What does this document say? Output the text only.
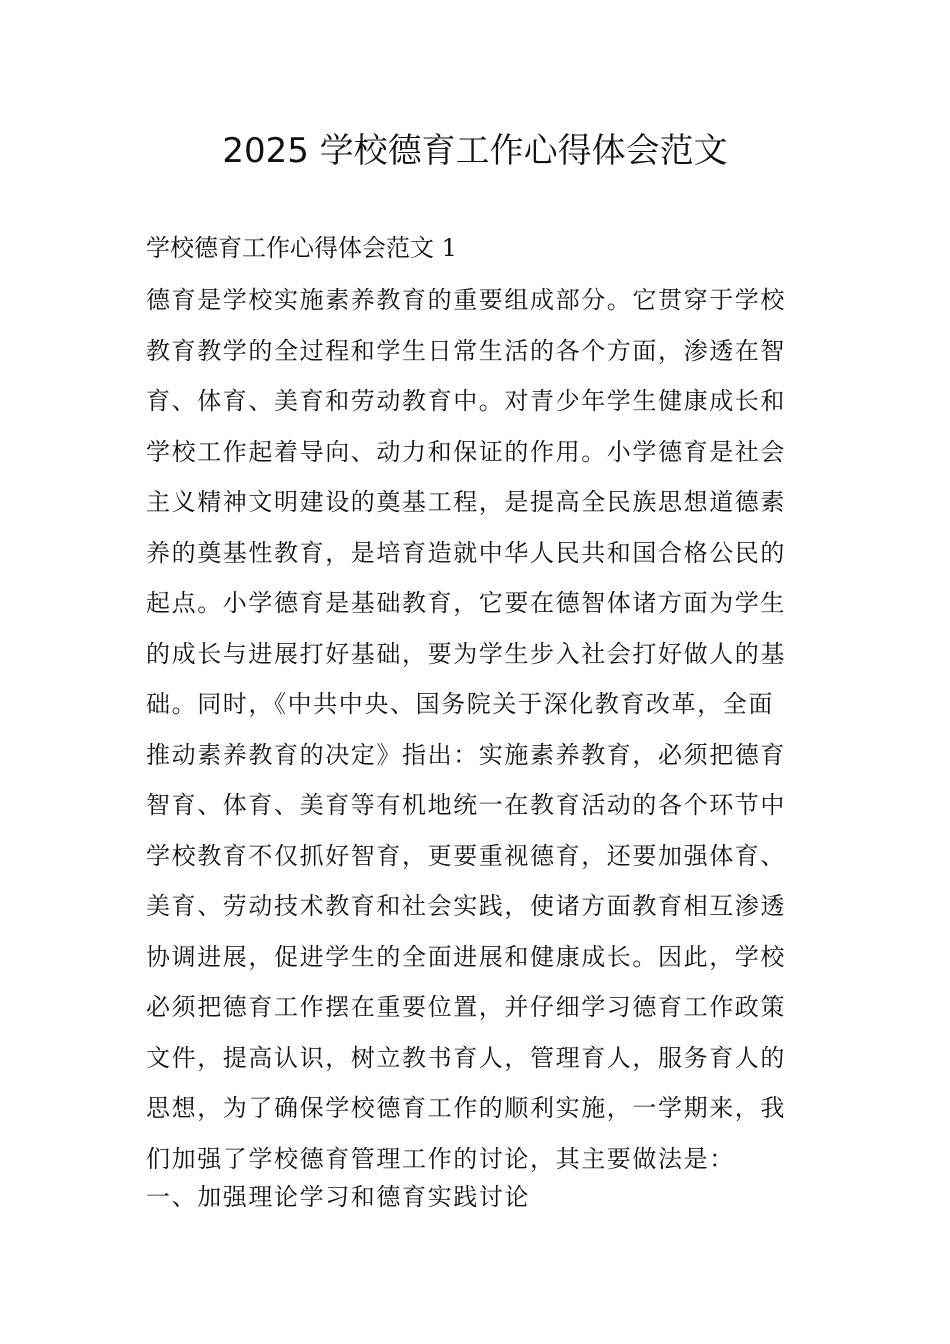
2025 学校德育工作心得体会范文

学校德育工作心得体会范文 1

德育是学校实施素养教育的重要组成部分。它贯穿于学校
教育教学的全过程和学生日常生活的各个方面，渗透在智
育、体育、美育和劳动教育中。对青少年学生健康成长和
学校工作起着导向、动力和保证的作用。小学德育是社会
主义精神文明建设的奠基工程，是提高全民族思想道德素
养的奠基性教育，是培育造就中华人民共和国合格公民的
起点。小学德育是基础教育，它要在德智体诸方面为学生
的成长与进展打好基础，要为学生步入社会打好做人的基
础。同时，《中共中央、国务院关于深化教育改革，全面
推动素养教育的决定》指出：实施素养教育，必须把德育
智育、体育、美育等有机地统一在教育活动的各个环节中
学校教育不仅抓好智育，更要重视德育，还要加强体育、
美育、劳动技术教育和社会实践，使诸方面教育相互渗透
协调进展，促进学生的全面进展和健康成长。因此，学校
必须把德育工作摆在重要位置，并仔细学习德育工作政策
文件，提高认识，树立教书育人，管理育人，服务育人的
思想，为了确保学校德育工作的顺利实施，一学期来，我
们加强了学校德育管理工作的讨论，其主要做法是：

一、加强理论学习和德育实践讨论
